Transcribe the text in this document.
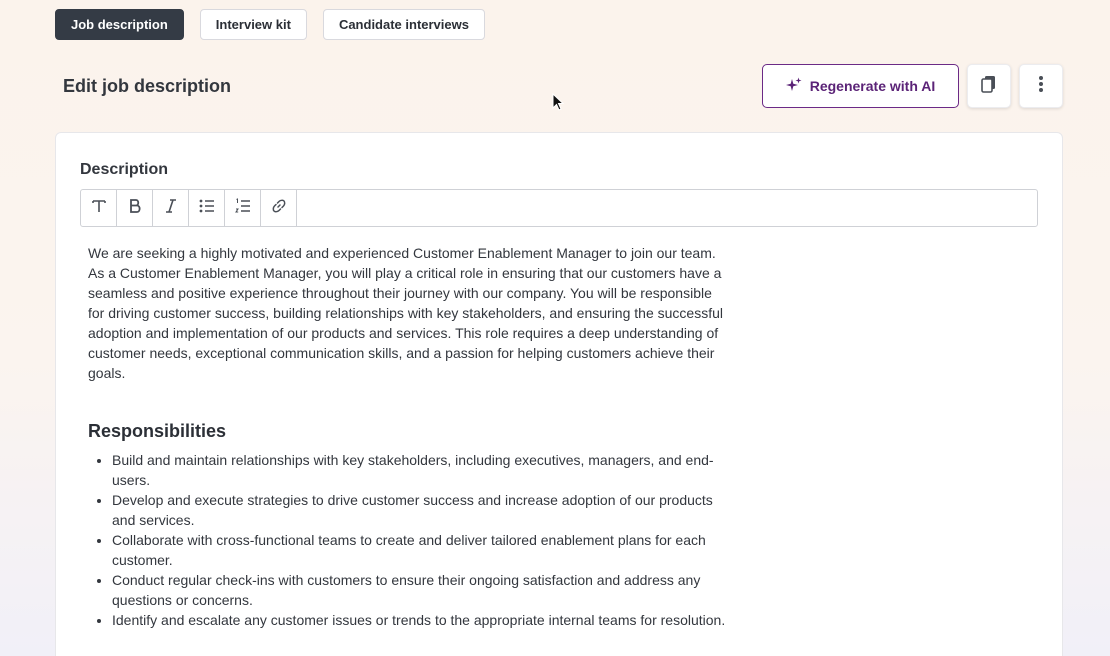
Job description	Interview kit	Candidate interviews
Edit job description	Regenerate with AI
Description

We are seeking a highly motivated and experienced Customer Enablement Manager to join our team. As a Customer Enablement Manager, you will play a critical role in ensuring that our customers have a seamless and positive experience throughout their journey with our company. You will be responsible for driving customer success, building relationships with key stakeholders, and ensuring the successful adoption and implementation of our products and services. This role requires a deep understanding of customer needs, exceptional communication skills, and a passion for helping customers achieve their goals.

Responsibilities
• Build and maintain relationships with key stakeholders, including executives, managers, and end-users.
• Develop and execute strategies to drive customer success and increase adoption of our products and services.
• Collaborate with cross-functional teams to create and deliver tailored enablement plans for each customer.
• Conduct regular check-ins with customers to ensure their ongoing satisfaction and address any questions or concerns.
• Identify and escalate any customer issues or trends to the appropriate internal teams for resolution.
